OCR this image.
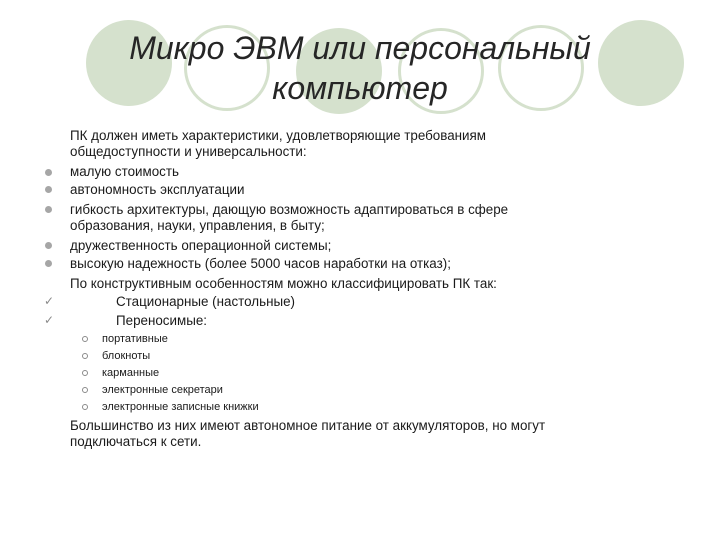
Микро ЭВМ или персональный
компьютер
ПК должен иметь характеристики, удовлетворяющие требованиям
общедоступности и универсальности:
малую стоимость
автономность эксплуатации
гибкость архитектуры, дающую возможность адаптироваться в сфере
образования, науки, управления, в быту;
дружественность операционной системы;
высокую надежность (более 5000 часов наработки на отказ);
По конструктивным особенностям можно классифицировать ПК так:
✓	Стационарные (настольные)
✓	Переносимые:
портативные
блокноты
карманные
электронные секретари
электронные записные книжки
Большинство из них имеют автономное питание от аккумуляторов, но могут
подключаться к сети.
